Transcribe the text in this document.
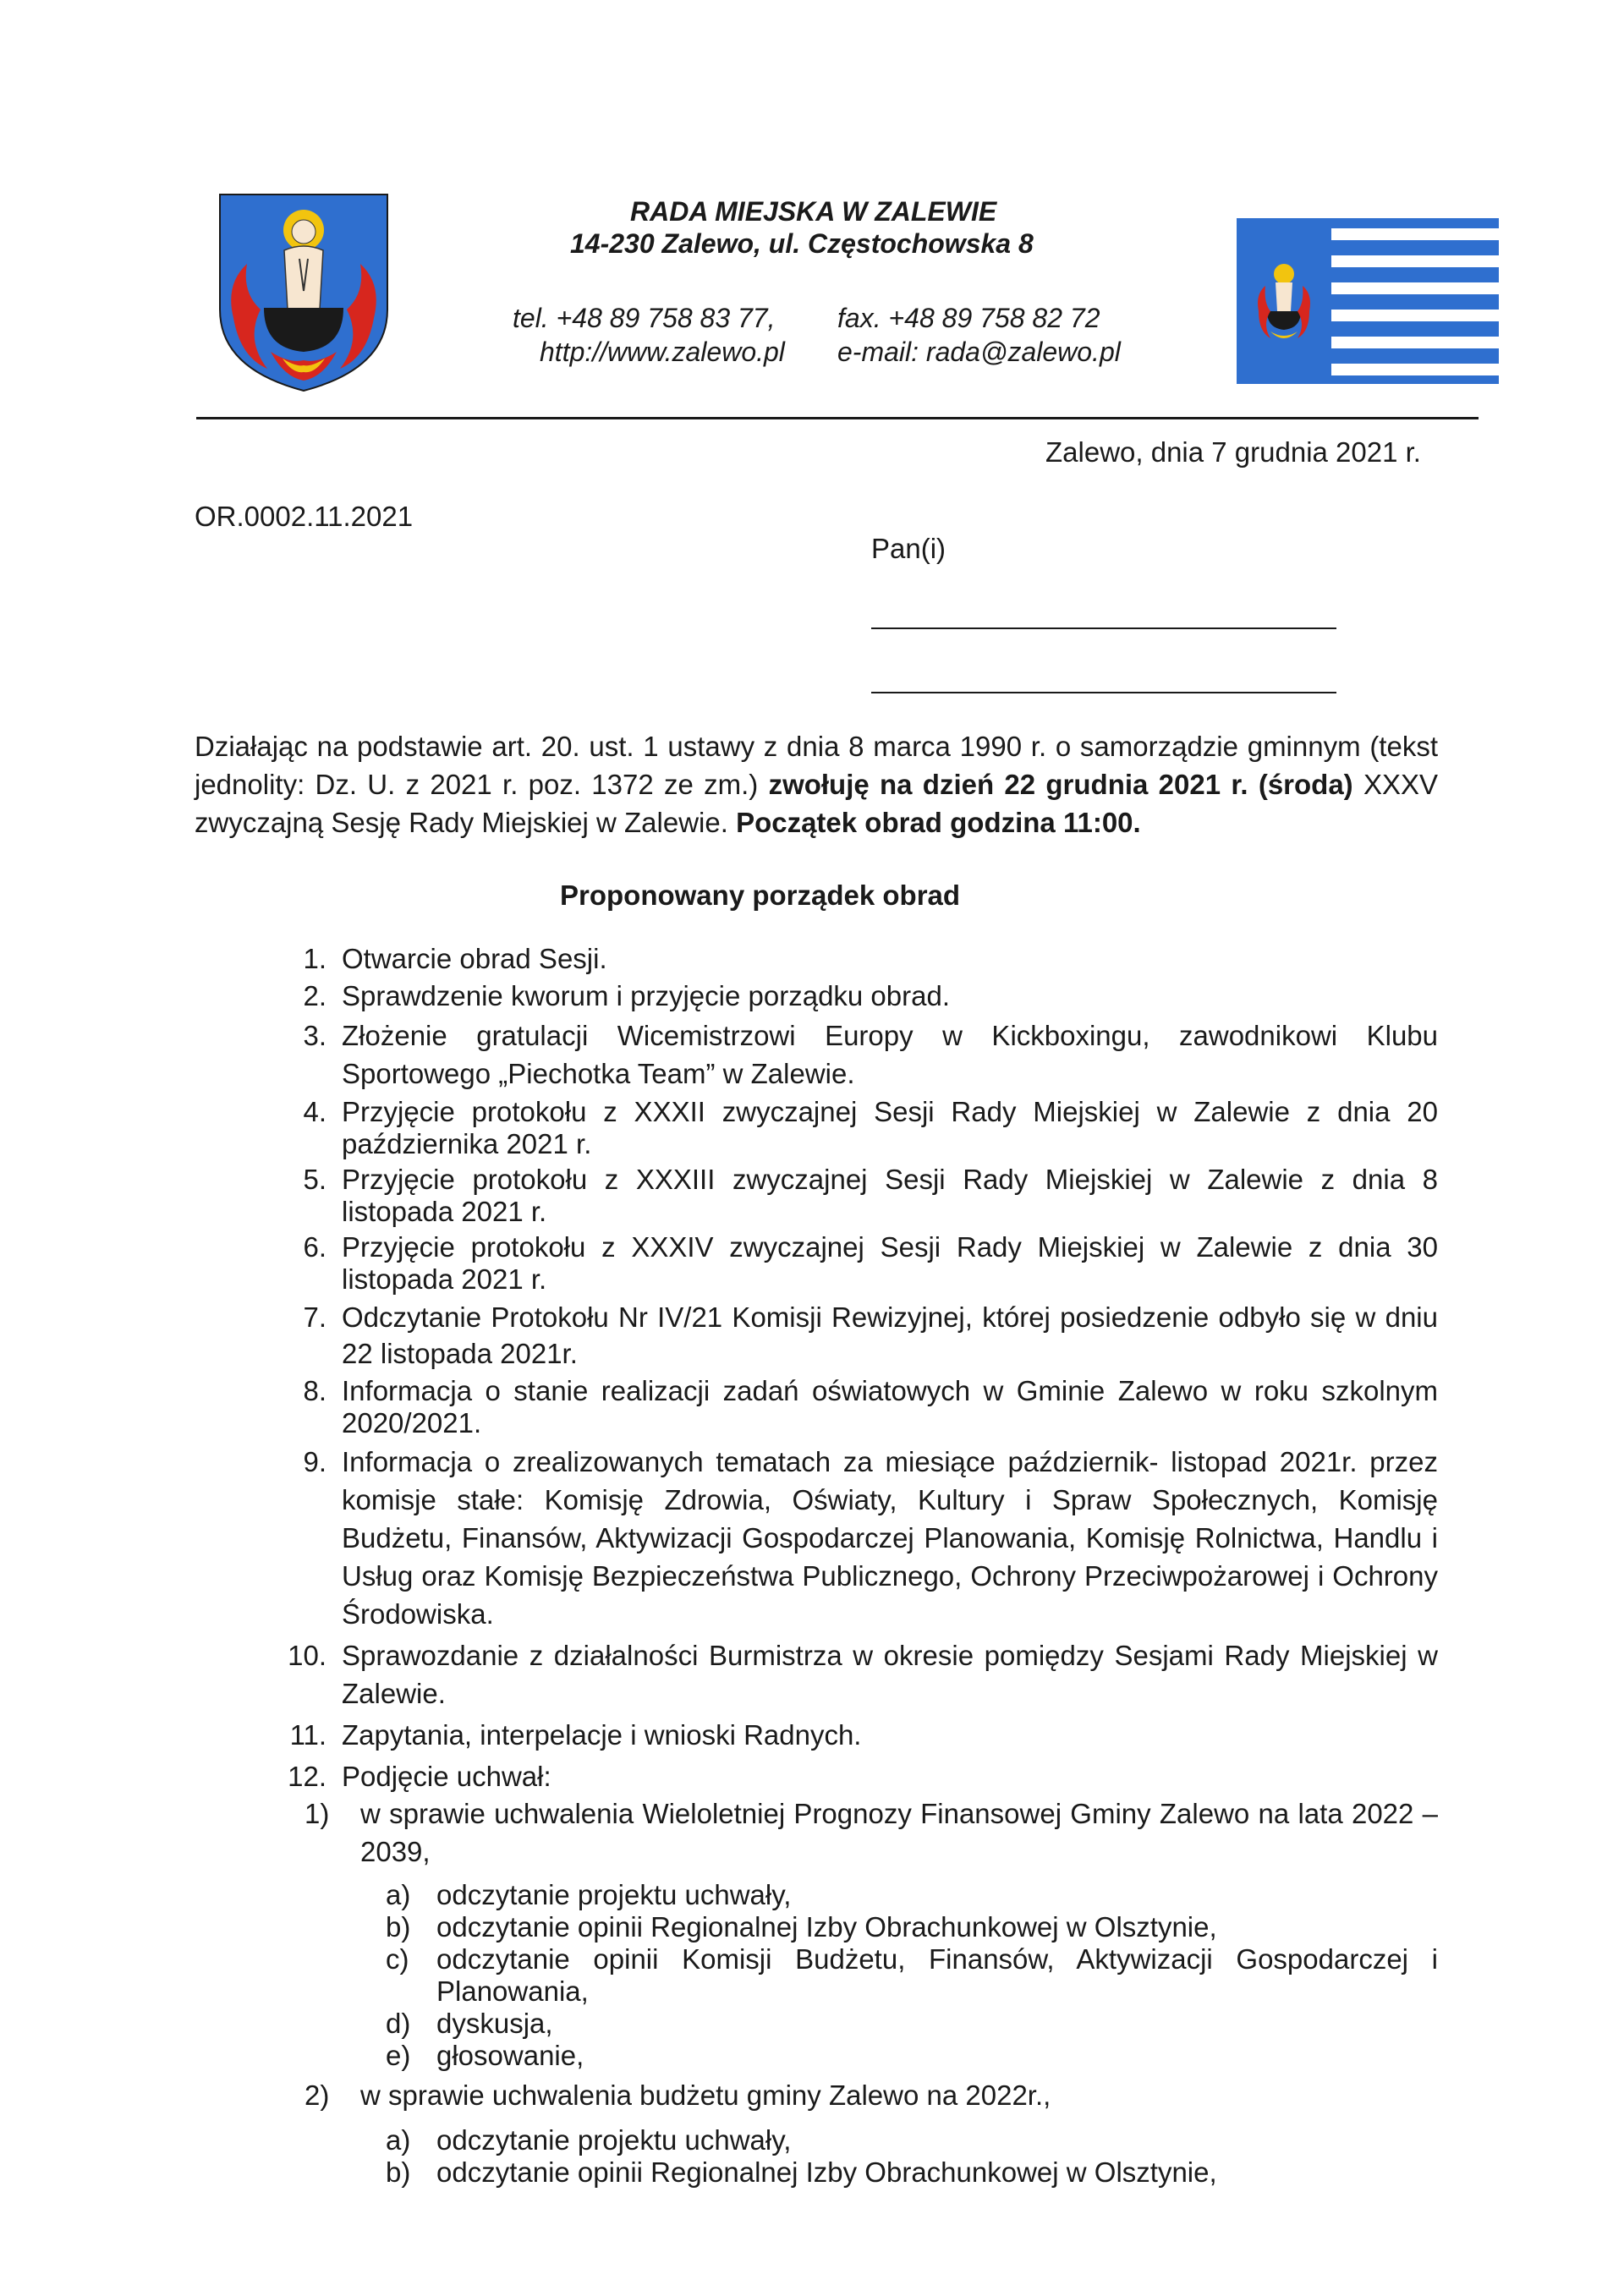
RADA MIEJSKA W ZALEWIE
14-230 Zalewo, ul. Częstochowska 8
tel. +48 89 758 83 77, fax. +48 89 758 82 72
http://www.zalewo.pl e-mail: rada@zalewo.pl
Zalewo, dnia 7 grudnia 2021 r.
OR.0002.11.2021
Pan(i)
Działając na podstawie art. 20. ust. 1 ustawy z dnia 8 marca 1990 r. o samorządzie gminnym (tekst jednolity: Dz. U. z 2021 r. poz. 1372 ze zm.) zwołuję na dzień 22 grudnia 2021 r. (środa) XXXV zwyczajną Sesję Rady Miejskiej w Zalewie. Początek obrad godzina 11:00.
Proponowany porządek obrad
1. Otwarcie obrad Sesji.
2. Sprawdzenie kworum i przyjęcie porządku obrad.
3. Złożenie gratulacji Wicemistrzowi Europy w Kickboxingu, zawodnikowi Klubu Sportowego „Piechotka Team” w Zalewie.
4. Przyjęcie protokołu z XXXII zwyczajnej Sesji Rady Miejskiej w Zalewie z dnia 20 października 2021 r.
5. Przyjęcie protokołu z XXXIII zwyczajnej Sesji Rady Miejskiej w Zalewie z dnia 8 listopada 2021 r.
6. Przyjęcie protokołu z XXXIV zwyczajnej Sesji Rady Miejskiej w Zalewie z dnia 30 listopada 2021 r.
7. Odczytanie Protokołu Nr IV/21 Komisji Rewizyjnej, której posiedzenie odbyło się w dniu 22 listopada 2021r.
8. Informacja o stanie realizacji zadań oświatowych w Gminie Zalewo w roku szkolnym 2020/2021.
9. Informacja o zrealizowanych tematach za miesiące październik- listopad 2021r. przez komisje stałe: Komisję Zdrowia, Oświaty, Kultury i Spraw Społecznych, Komisję Budżetu, Finansów, Aktywizacji Gospodarczej Planowania, Komisję Rolnictwa, Handlu i Usług oraz Komisję Bezpieczeństwa Publicznego, Ochrony Przeciwpożarowej i Ochrony Środowiska.
10. Sprawozdanie z działalności Burmistrza w okresie pomiędzy Sesjami Rady Miejskiej w Zalewie.
11. Zapytania, interpelacje i wnioski Radnych.
12. Podjęcie uchwał:
1)	w sprawie uchwalenia Wieloletniej Prognozy Finansowej Gminy Zalewo na lata 2022 – 2039,
a) odczytanie projektu uchwały,
b) odczytanie opinii Regionalnej Izby Obrachunkowej w Olsztynie,
c) odczytanie opinii Komisji Budżetu, Finansów, Aktywizacji Gospodarczej i Planowania,
d) dyskusja,
e) głosowanie,
2)	w sprawie uchwalenia budżetu gminy Zalewo na 2022r.,
a) odczytanie projektu uchwały,
b) odczytanie opinii Regionalnej Izby Obrachunkowej w Olsztynie,
